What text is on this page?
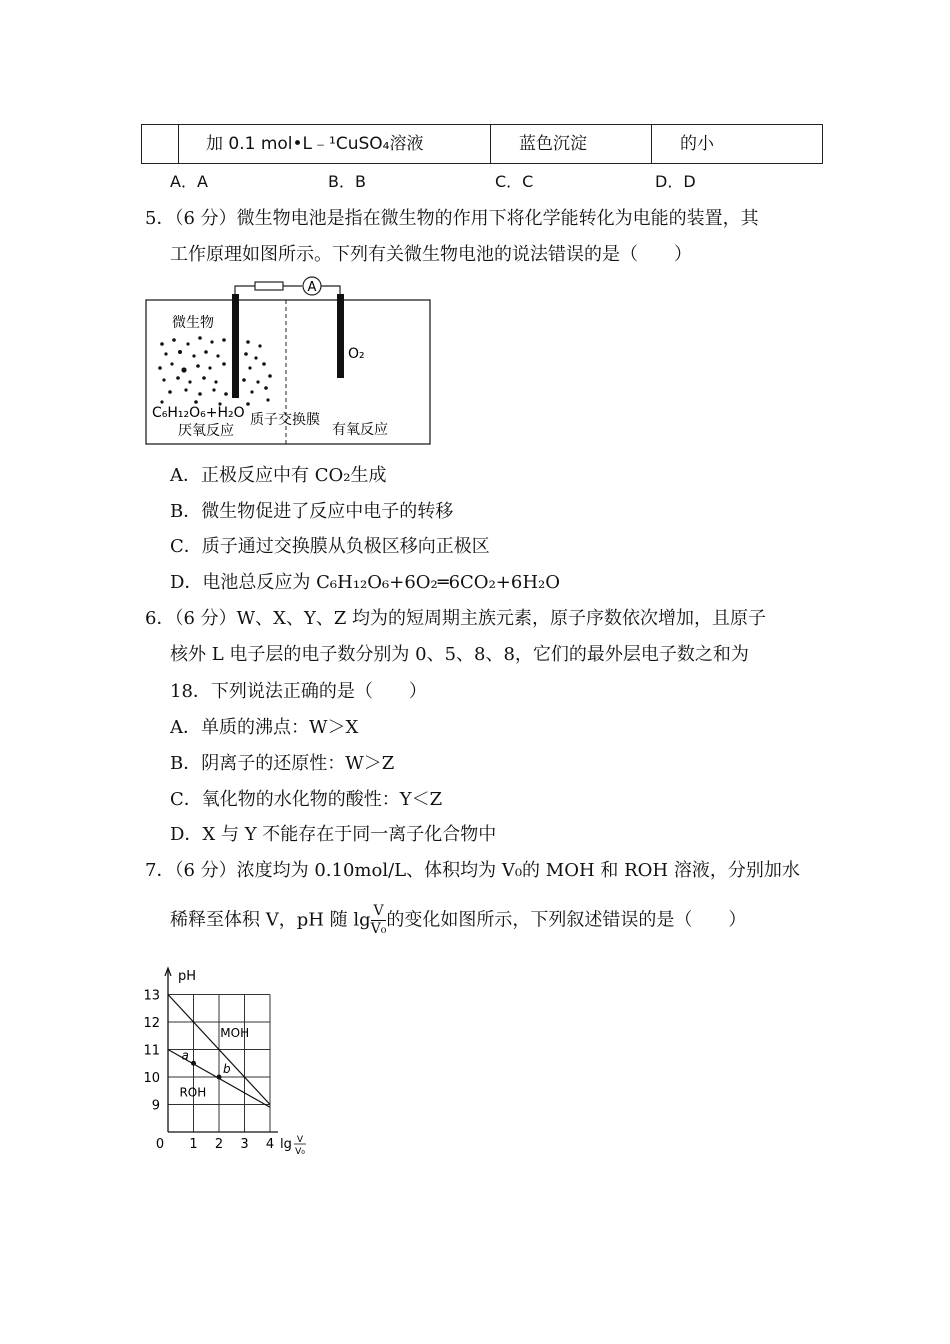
加 0.1 mol•L﹣¹CuSO₄溶液	蓝色沉淀	的小
A．A	B．B	C．C	D．D
5．（6 分）微生物电池是指在微生物的作用下将化学能转化为电能的装置，其
工作原理如图所示。下列有关微生物电池的说法错误的是（　　）
A
微生物
O₂
C₆H₁₂O₆+H₂O
厌氧反应
质子交换膜
有氧反应
A．正极反应中有 CO₂生成
B．微生物促进了反应中电子的转移
C．质子通过交换膜从负极区移向正极区
D．电池总反应为 C₆H₁₂O₆+6O₂═6CO₂+6H₂O
6．（6 分）W、X、Y、Z 均为的短周期主族元素，原子序数依次增加，且原子
核外 L 电子层的电子数分别为 0、5、8、8，它们的最外层电子数之和为
18．下列说法正确的是（　　）
A．单质的沸点：W＞X
B．阴离子的还原性：W＞Z
C．氧化物的水化物的酸性：Y＜Z
D．X 与 Y 不能存在于同一离子化合物中
7．（6 分）浓度均为 0.10mol/L、体积均为 V₀的 MOH 和 ROH 溶液，分别加水
稀释至体积 V，pH 随 $\lg \frac{V}{\text{V₀}}$ 的变化如图所示，下列叙述错误的是（　　）
9
10
11
12
13
0 1 2 3 4
pH
lg V
V₀
MOH
ROH
a
b
